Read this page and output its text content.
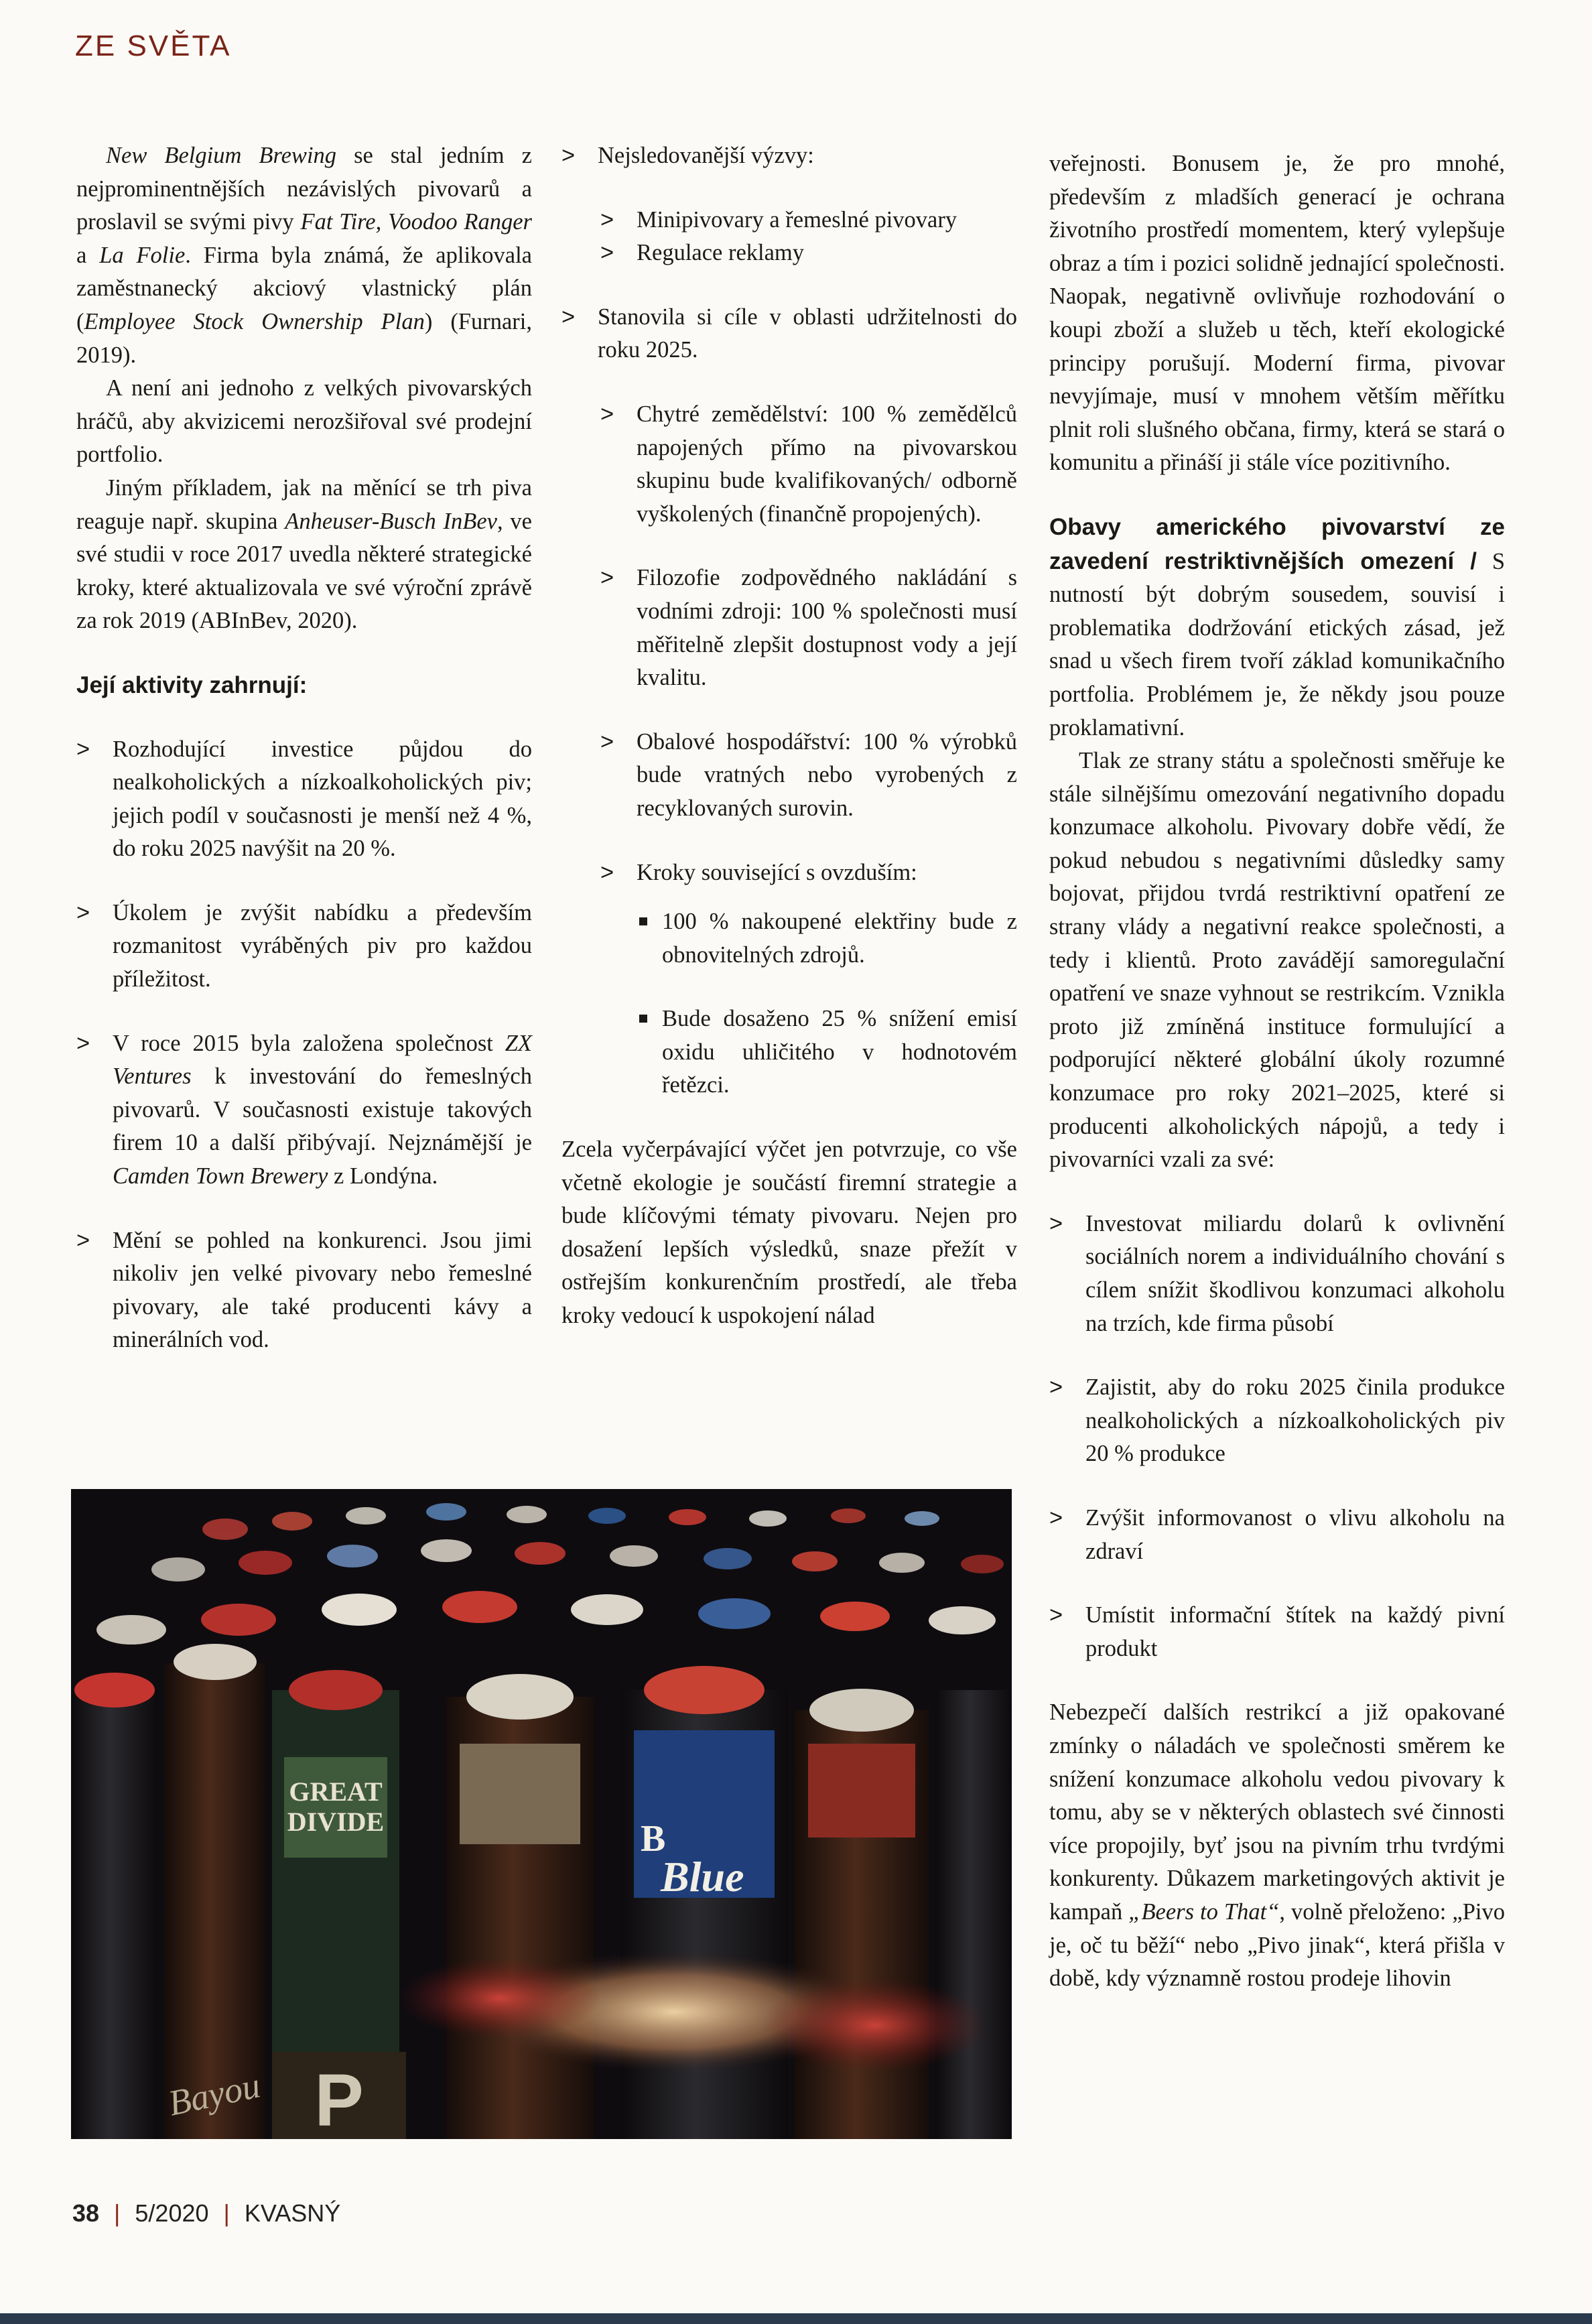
ZE SVĚTA

New Belgium Brewing se stal jedním z nejprominentnějších nezávislých pivovarů a proslavil se svými pivy Fat Tire, Voodoo Ranger a La Folie. Firma byla známá, že aplikovala zaměstnanecký akciový vlastnický plán (Employee Stock Ownership Plan) (Furnari, 2019).

A není ani jednoho z velkých pivovarských hráčů, aby akvizicemi nerozšiřoval své prodejní portfolio.

Jiným příkladem, jak na měnící se trh piva reaguje např. skupina Anheuser-Busch InBev, ve své studii v roce 2017 uvedla některé strategické kroky, které aktualizovala ve své výroční zprávě za rok 2019 (ABInBev, 2020).

Její aktivity zahrnují:

> Rozhodující investice půjdou do nealkoholických a nízkoalkoholických piv; jejich podíl v současnosti je menší než 4 %, do roku 2025 navýšit na 20 %.

> Úkolem je zvýšit nabídku a především rozmanitost vyráběných piv pro každou příležitost.

> V roce 2015 byla založena společnost ZX Ventures k investování do řemeslných pivovarů. V současnosti existuje takových firem 10 a další přibývají. Nejznámější je Camden Town Brewery z Londýna.

> Mění se pohled na konkurenci. Jsou jimi nikoliv jen velké pivovary nebo řemeslné pivovary, ale také producenti kávy a minerálních vod.

> Nejsledovanější výzvy:

> Minipivovary a řemeslné pivovary

> Regulace reklamy

> Stanovila si cíle v oblasti udržitelnosti do roku 2025.

> Chytré zemědělství: 100 % zemědělců napojených přímo na pivovarskou skupinu bude kvalifikovaných/ odborně vyškolených (finančně propojených).

> Filozofie zodpovědného nakládání s vodními zdroji: 100 % společnosti musí měřitelně zlepšit dostupnost vody a její kvalitu.

> Obalové hospodářství: 100 % výrobků bude vratných nebo vyrobených z recyklovaných surovin.

> Kroky související s ovzduším:

100 % nakoupené elektřiny bude z obnovitelných zdrojů.

Bude dosaženo 25 % snížení emisí oxidu uhličitého v hodnotovém řetězci.

Zcela vyčerpávající výčet jen potvrzuje, co vše včetně ekologie je součástí firemní strategie a bude klíčovými tématy pivovaru. Nejen pro dosažení lepších výsledků, snaze přežít v ostřejším konkurenčním prostředí, ale třeba kroky vedoucí k uspokojení nálad

veřejnosti. Bonusem je, že pro mnohé, především z mladších generací je ochrana životního prostředí momentem, který vylepšuje obraz a tím i pozici solidně jednající společnosti. Naopak, negativně ovlivňuje rozhodování o koupi zboží a služeb u těch, kteří ekologické principy porušují. Moderní firma, pivovar nevyjímaje, musí v mnohem větším měřítku plnit roli slušného občana, firmy, která se stará o komunitu a přináší ji stále více pozitivního.

Obavy amerického pivovarství ze zavedení restriktivnějších omezení / S nutností být dobrým sousedem, souvisí i problematika dodržování etických zásad, jež snad u všech firem tvoří základ komunikačního portfolia. Problémem je, že někdy jsou pouze proklamativní.

Tlak ze strany státu a společnosti směřuje ke stále silnějšímu omezování negativního dopadu konzumace alkoholu. Pivovary dobře vědí, že pokud nebudou s negativními důsledky samy bojovat, přijdou tvrdá restriktivní opatření ze strany vlády a negativní reakce společnosti, a tedy i klientů. Proto zavádějí samoregulační opatření ve snaze vyhnout se restrikcím. Vznikla proto již zmíněná instituce formulující a podporující některé globální úkoly rozumné konzumace pro roky 2021–2025, které si producenti alkoholických nápojů, a tedy i pivovarníci vzali za své:

> Investovat miliardu dolarů k ovlivnění sociálních norem a individuálního chování s cílem snížit škodlivou konzumaci alkoholu na trzích, kde firma působí

> Zajistit, aby do roku 2025 činila produkce nealkoholických a nízkoalkoholických piv 20 % produkce

> Zvýšit informovanost o vlivu alkoholu na zdraví

> Umístit informační štítek na každý pivní produkt

Nebezpečí dalších restrikcí a již opakované zmínky o náladách ve společnosti směrem ke snížení konzumace alkoholu vedou pivovary k tomu, aby se v některých oblastech své činnosti více propojily, byť jsou na pivním trhu tvrdými konkurenty. Důkazem marketingových aktivit je kampaň „Beers to That“, volně přeloženo: „Pivo je, oč tu běží“ nebo „Pivo jinak“, která přišla v době, kdy významně rostou prodeje lihovin

GREAT
DIVIDE	B
Blue
P
Bayou
38 | 5/2020 | KVASNÝ
